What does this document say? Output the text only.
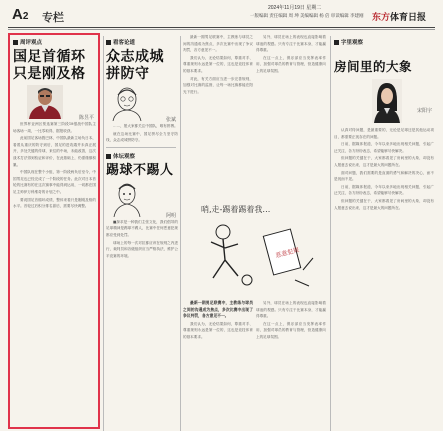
A2 专栏
2024年11月19日 星期二
一版编辑 责任编辑 周 坤 美编编辑 杨 倍 审读编辑 李建刚 东方体育日报
周评观点
国足首循环
只是刚及格
陈昱平

世界杯亚洲区预选赛第三阶段18强战中国队主场客场一周，一比零取得，据报收获。

此前国足客场胜巴林，中国队最新主场负日本，看着从重庆的防守到后，国足的进攻端并未真正展开，多处关键的传球，来往的中场，未能改善，这次战术打法得到验证和评价，在此基础上，仍需谨慎积累。

中国队现在整个小组，第一阶段两负后至今，中国男足也已经完成了一个阶段的任务。此次对日本首轮的比赛有的在这次赛事中能得到运用，一切都在国足主帅伊万科维奇的计划之中。

要说国足首循环成绩，整体来看只是刚刚及格的水平。首轮过后积分排名靠后，需要尽快调整。

看客论道
众志成城
拼防守
张斌

……，愿大家都关注中国队，唯有拼搏。

就在这场比赛中，国足拼尽全力坚守防线，众志成城拼防守。

体坛观察
踢球不踢人
阿明

■探求是一种我们主张文化，我们倡导的足球精神是踢球不踢人，比赛中任何恶意犯规都应受到处罚。

球场上的每一次对抗都应该在规则之内进行，裁判员和各级组织应当严格执法，维护公平竞赛的环境。

最新一期男足联赛中，主教练与球员之间的沟通成为焦点，多次比赛中出现了争议判罚，各方意见不一。

我们认为，无论结果如何，尊重对手、尊重规则永远是第一位的，这也是竞技体育的基本要求。

对此，有关方面应当进一步完善规则，加强对比赛的监督，让每一场比赛都能在阳光下进行。

另外，球员在场上的表现也直接影响着球迷的观感。只有专注于比赛本身，才能赢得尊重。

在这一点上，俱乐部应当发挥表率作用，加强对球员的教育与管理，营造健康向上的足球氛围。

哨,走-踢着踢着我…
恶意犯规

最新一期男足联赛中，主教练与球员之间的沟通成为焦点，多次比赛中出现了争议判罚，各方意见不一。

我们认为，无论结果如何，尊重对手、尊重规则永远是第一位的，这也是竞技体育的基本要求。

另外，球员在场上的表现也直接影响着球迷的观感。只有专注于比赛本身，才能赢得尊重。

在这一点上，俱乐部应当发挥表率作用，加强对球员的教育与管理，营造健康向上的足球氛围。

字里观察
房间里的大象
宋阳宇

认真对待问题，是最重要的，无论是足球还是其他运动项目，都需要正视存在的问题。

日前，据媒体报道，今年以来多地出现相关问题，引起广泛关注，各方纷纷表态，希望能够尽快解决。

但问题的关键在于，大家都看见了房间里的大象，却没有人愿意去说出来，这才是最大的问题所在。

面对问题，我们需要的是直面的勇气和解决的决心，而不是视而不见。

日前，据媒体报道，今年以来多地出现相关问题，引起广泛关注，各方纷纷表态，希望能够尽快解决。

但问题的关键在于，大家都看见了房间里的大象，却没有人愿意去说出来，这才是最大的问题所在。
